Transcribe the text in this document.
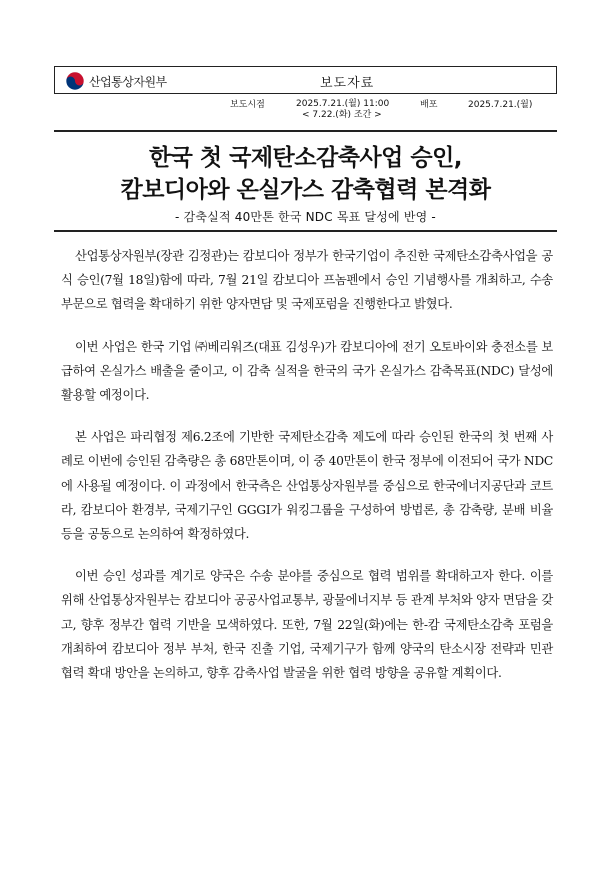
산업통상자원부	보도자료
보도시점	2025.7.21.(월) 11:00
< 7.22.(화) 조간 >
배포	2025.7.21.(월)
한국 첫 국제탄소감축사업 승인,
캄보디아와 온실가스 감축협력 본격화
- 감축실적 40만톤 한국 NDC 목표 달성에 반영 -

산업통상자원부(장관 김정관)는 캄보디아 정부가 한국기업이 추진한 국제탄소감축사업을 공식 승인(7월 18일)함에 따라, 7월 21일 캄보디아 프놈펜에서 승인 기념행사를 개최하고, 수송 부문으로 협력을 확대하기 위한 양자면담 및 국제포럼을 진행한다고 밝혔다.

이번 사업은 한국 기업 ㈜베리워즈(대표 김성우)가 캄보디아에 전기 오토바이와 충전소를 보급하여 온실가스 배출을 줄이고, 이 감축 실적을 한국의 국가 온실가스 감축목표(NDC) 달성에 활용할 예정이다.

본 사업은 파리협정 제6.2조에 기반한 국제탄소감축 제도에 따라 승인된 한국의 첫 번째 사례로 이번에 승인된 감축량은 총 68만톤이며, 이 중 40만톤이 한국 정부에 이전되어 국가 NDC에 사용될 예정이다. 이 과정에서 한국측은 산업통상자원부를 중심으로 한국에너지공단과 코트라, 캄보디아 환경부, 국제기구인 GGGI가 워킹그룹을 구성하여 방법론, 총 감축량, 분배 비율 등을 공동으로 논의하여 확정하였다.

이번 승인 성과를 계기로 양국은 수송 분야를 중심으로 협력 범위를 확대하고자 한다. 이를 위해 산업통상자원부는 캄보디아 공공사업교통부, 광물에너지부 등 관계 부처와 양자 면담을 갖고, 향후 정부간 협력 기반을 모색하였다. 또한, 7월 22일(화)에는 한-캄 국제탄소감축 포럼을 개최하여 캄보디아 정부 부처, 한국 진출 기업, 국제기구가 함께 양국의 탄소시장 전략과 민관 협력 확대 방안을 논의하고, 향후 감축사업 발굴을 위한 협력 방향을 공유할 계획이다.
